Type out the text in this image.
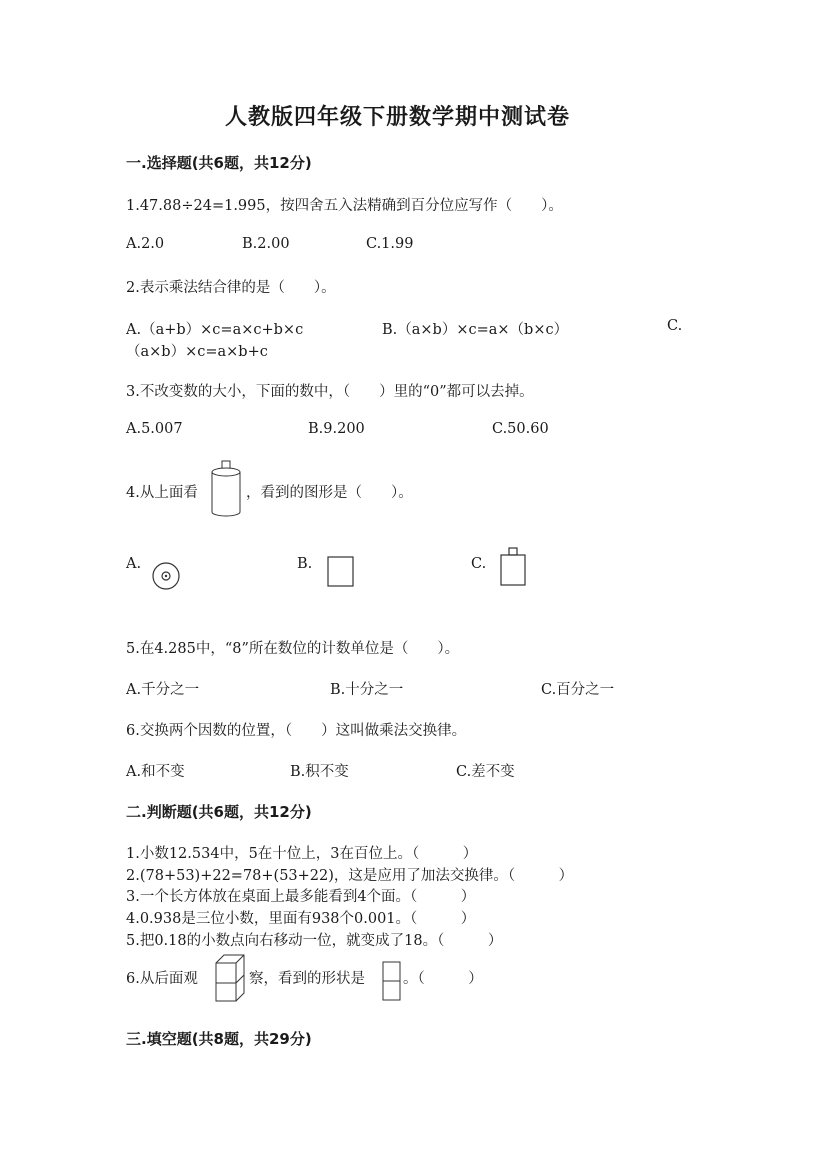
人教版四年级下册数学期中测试卷
一.选择题(共6题，共12分)
1.47.88÷24=1.995，按四舍五入法精确到百分位应写作（　　）。
A.2.0	B.2.00	C.1.99
2.表示乘法结合律的是（　　）。
A.（a+b）×c=a×c+b×c	B.（a×b）×c=a×（b×c）	C.
（a×b）×c=a×b+c
3.不改变数的大小，下面的数中，（　　）里的“0”都可以去掉。
A.5.007	B.9.200	C.50.60
4.从上面看	，看到的图形是（　　）。
A.	B.	C.
5.在4.285中，“8”所在数位的计数单位是（　　）。
A.千分之一	B.十分之一	C.百分之一
6.交换两个因数的位置，（　　）这叫做乘法交换律。
A.和不变	B.积不变	C.差不变
二.判断题(共6题，共12分)
1.小数12.534中，5在十位上，3在百位上。（　　　）
2.(78+53)+22=78+(53+22)，这是应用了加法交换律。（　　　）
3.一个长方体放在桌面上最多能看到4个面。（　　　）
4.0.938是三位小数，里面有938个0.001。（　　　）
5.把0.18的小数点向右移动一位，就变成了18。（　　　）
6.从后面观	察，看到的形状是	。（　　　）
三.填空题(共8题，共29分)
